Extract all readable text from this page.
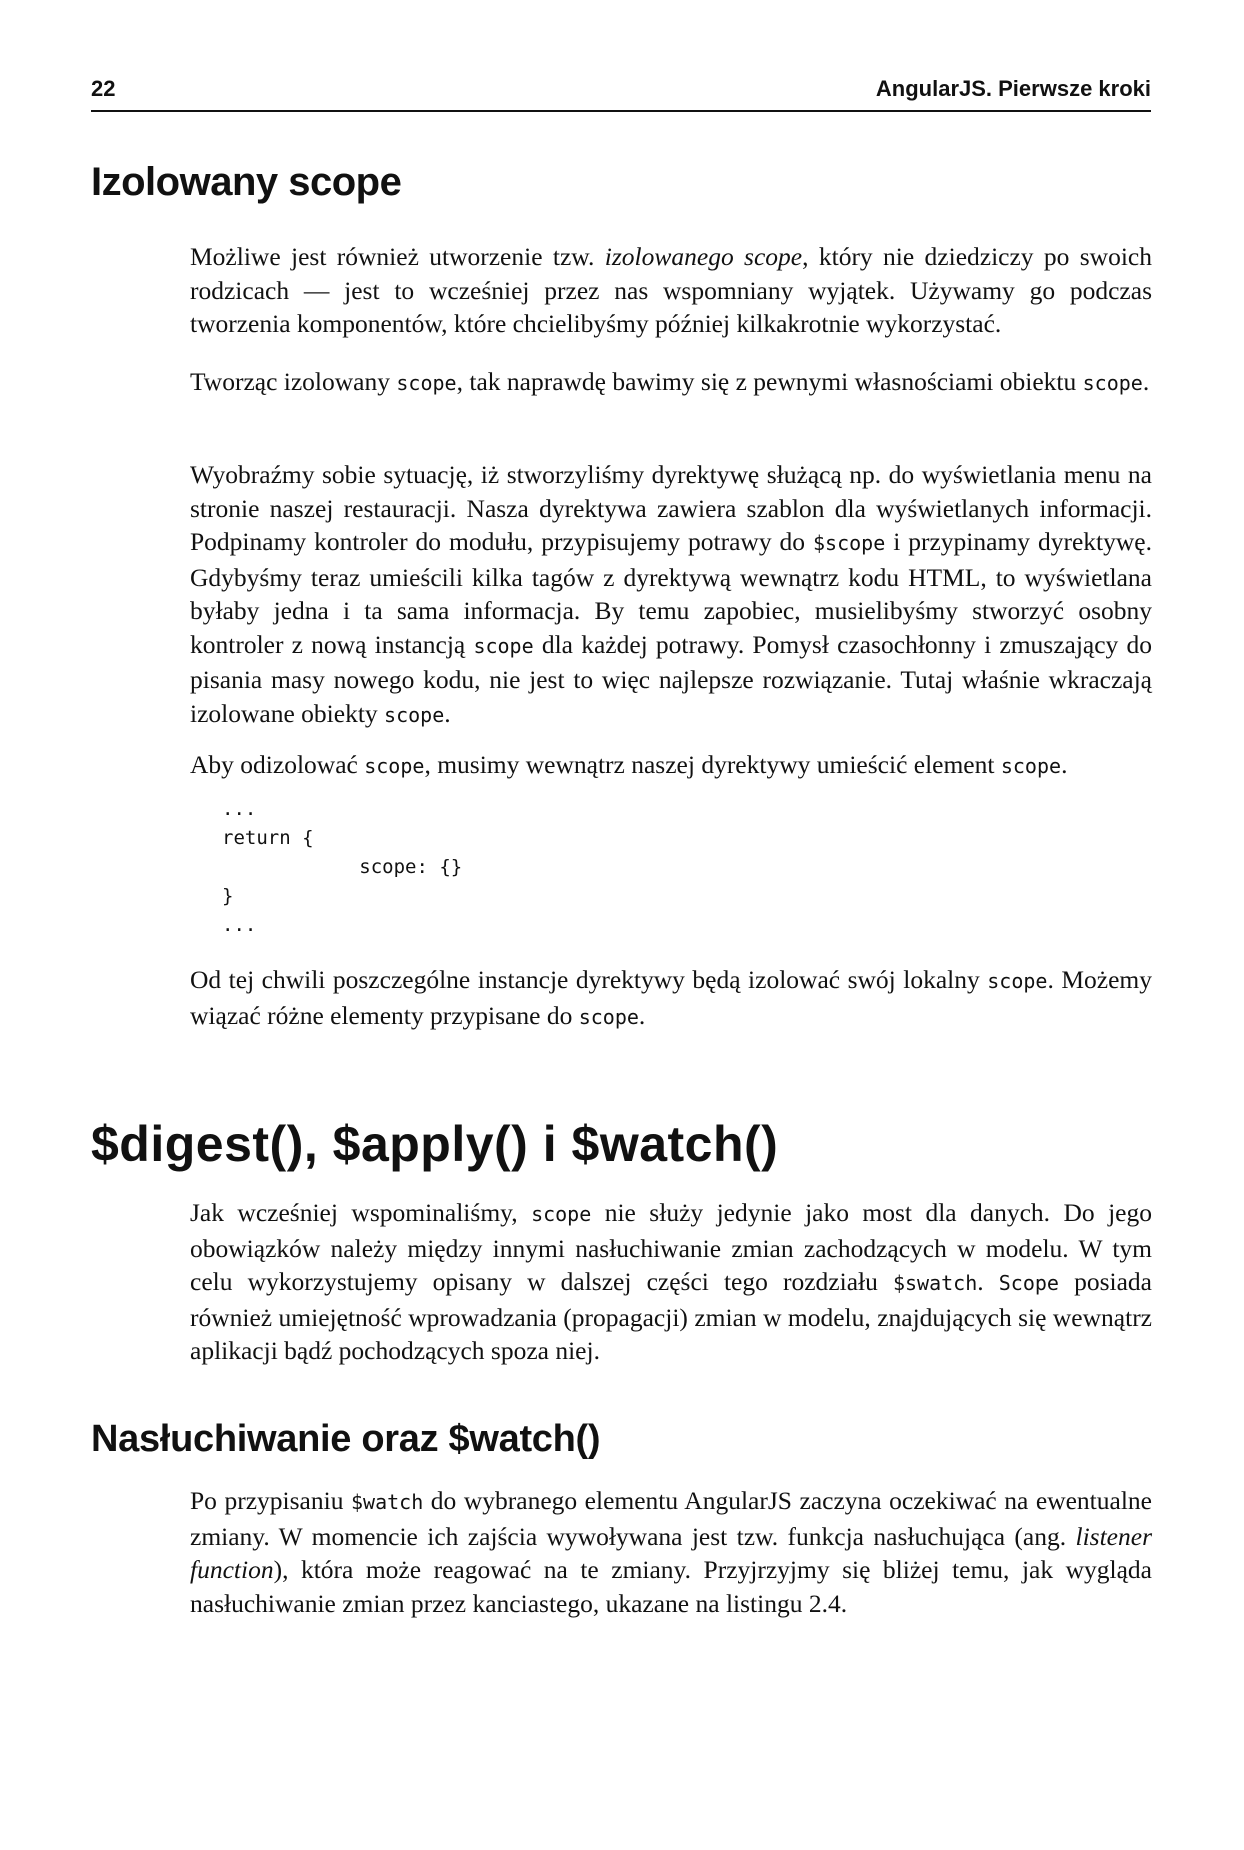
22	AngularJS. Pierwsze kroki
Izolowany scope

Możliwe jest również utworzenie tzw. izolowanego scope, który nie dziedziczy po swoich rodzicach — jest to wcześniej przez nas wspomniany wyjątek. Używamy go podczas tworzenia komponentów, które chcielibyśmy później kilkakrotnie wykorzystać.

Tworząc izolowany scope, tak naprawdę bawimy się z pewnymi własnościami obiektu scope.

Wyobraźmy sobie sytuację, iż stworzyliśmy dyrektywę służącą np. do wyświetlania menu na stronie naszej restauracji. Nasza dyrektywa zawiera szablon dla wyświetlanych informacji. Podpinamy kontroler do modułu, przypisujemy potrawy do $scope i przypinamy dyrektywę. Gdybyśmy teraz umieścili kilka tagów z dyrektywą wewnątrz kodu HTML, to wyświetlana byłaby jedna i ta sama informacja. By temu zapobiec, musielibyśmy stworzyć osobny kontroler z nową instancją scope dla każdej potrawy. Pomysł czasochłonny i zmuszający do pisania masy nowego kodu, nie jest to więc najlepsze rozwiązanie. Tutaj właśnie wkraczają izolowane obiekty scope.

Aby odizolować scope, musimy wewnątrz naszej dyrektywy umieścić element scope.

...
return {
scope: {}
}
...

Od tej chwili poszczególne instancje dyrektywy będą izolować swój lokalny scope. Możemy wiązać różne elementy przypisane do scope.

$digest(), $apply() i $watch()

Jak wcześniej wspominaliśmy, scope nie służy jedynie jako most dla danych. Do jego obowiązków należy między innymi nasłuchiwanie zmian zachodzących w modelu. W tym celu wykorzystujemy opisany w dalszej części tego rozdziału $swatch. Scope posiada również umiejętność wprowadzania (propagacji) zmian w modelu, znajdujących się wewnątrz aplikacji bądź pochodzących spoza niej.

Nasłuchiwanie oraz $watch()

Po przypisaniu $watch do wybranego elementu AngularJS zaczyna oczekiwać na ewentualne zmiany. W momencie ich zajścia wywoływana jest tzw. funkcja nasłuchująca (ang. listener function), która może reagować na te zmiany. Przyjrzyjmy się bliżej temu, jak wygląda nasłuchiwanie zmian przez kanciastego, ukazane na listingu 2.4.
